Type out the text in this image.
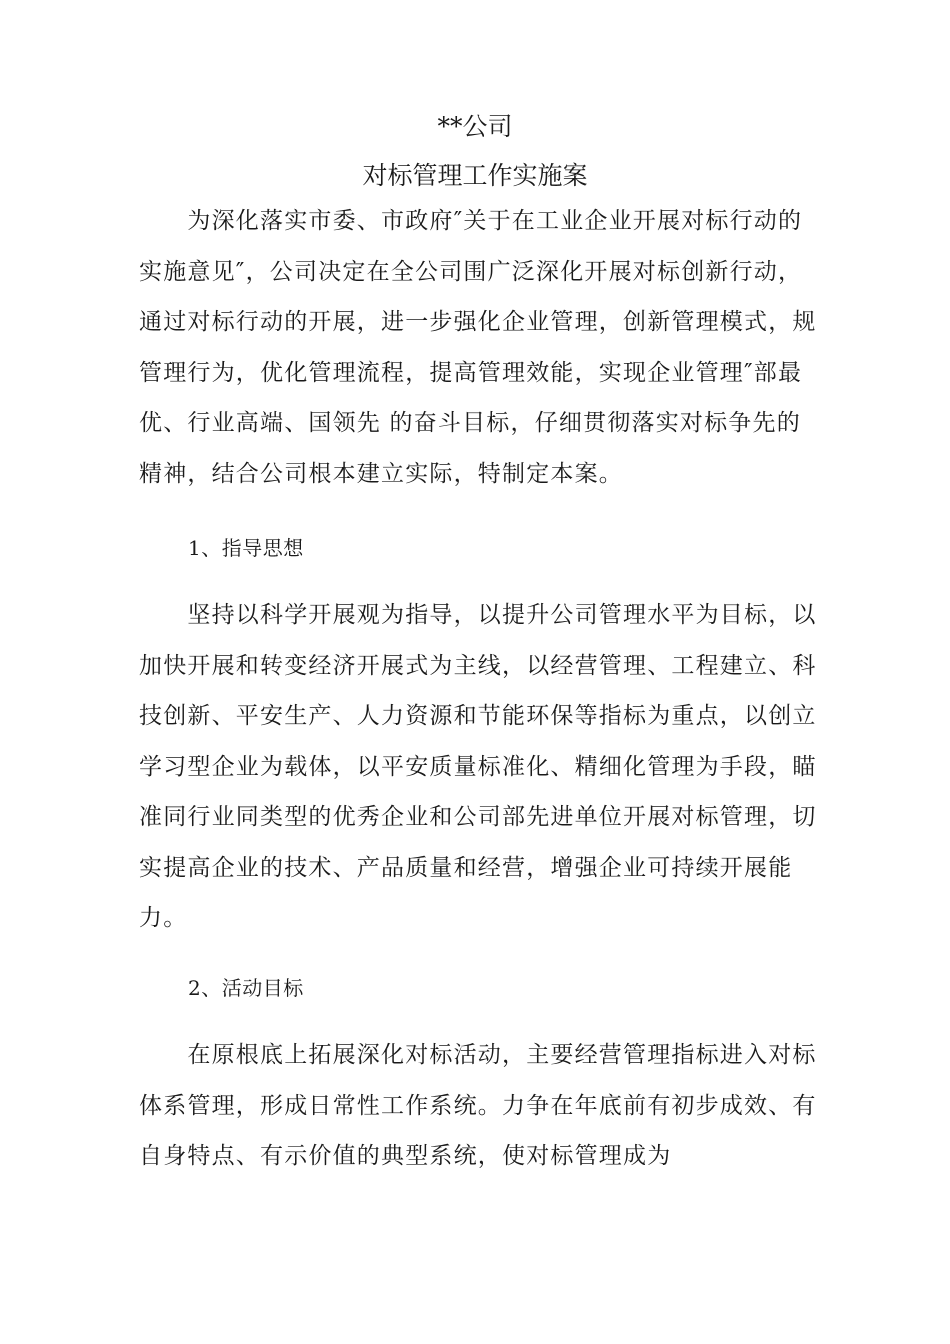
**公司
对标管理工作实施案
　　为深化落实市委、市政府″关于在工业企业开展对标行动的
实施意见″，公司决定在全公司围广泛深化开展对标创新行动，
通过对标行动的开展，进一步强化企业管理，创新管理模式，规
管理行为，优化管理流程，提高管理效能，实现企业管理″部最
优、行业高端、国领先 的奋斗目标，仔细贯彻落实对标争先的
精神，结合公司根本建立实际，特制定本案。
1、指导思想
　　坚持以科学开展观为指导，以提升公司管理水平为目标，以
加快开展和转变经济开展式为主线，以经营管理、工程建立、科
技创新、平安生产、人力资源和节能环保等指标为重点，以创立
学习型企业为载体，以平安质量标准化、精细化管理为手段，瞄
准同行业同类型的优秀企业和公司部先进单位开展对标管理，切
实提高企业的技术、产品质量和经营，增强企业可持续开展能
力。
2、活动目标
　　在原根底上拓展深化对标活动，主要经营管理指标进入对标
体系管理，形成日常性工作系统。力争在年底前有初步成效、有
自身特点、有示价值的典型系统，使对标管理成为
